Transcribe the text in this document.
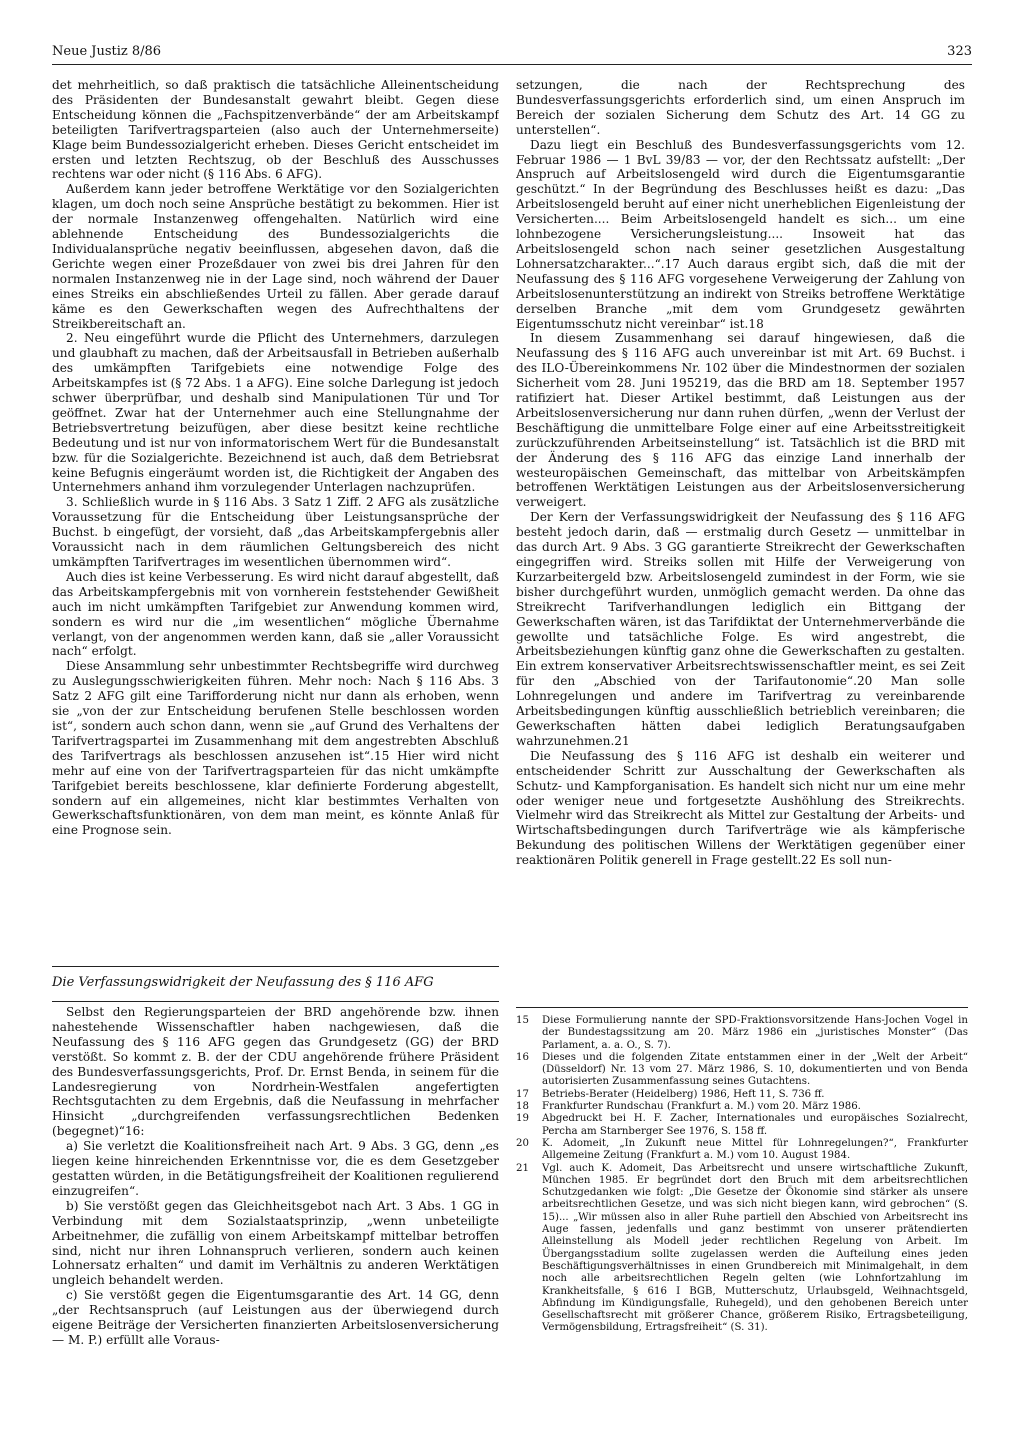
Neue Justiz 8/86	323

det mehrheitlich, so daß praktisch die tatsächliche Alleinentscheidung des Präsidenten der Bundesanstalt gewahrt bleibt. Gegen diese Entscheidung können die „Fachspitzenverbände“ der am Arbeitskampf beteiligten Tarifvertragsparteien (also auch der Unternehmerseite) Klage beim Bundessozialgericht erheben. Dieses Gericht entscheidet im ersten und letzten Rechtszug, ob der Beschluß des Ausschusses rechtens war oder nicht (§ 116 Abs. 6 AFG).

Außerdem kann jeder betroffene Werktätige vor den Sozialgerichten klagen, um doch noch seine Ansprüche bestätigt zu bekommen. Hier ist der normale Instanzenweg offengehalten. Natürlich wird eine ablehnende Entscheidung des Bundessozialgerichts die Individualansprüche negativ beeinflussen, abgesehen davon, daß die Gerichte wegen einer Prozeßdauer von zwei bis drei Jahren für den normalen Instanzenweg nie in der Lage sind, noch während der Dauer eines Streiks ein abschließendes Urteil zu fällen. Aber gerade darauf käme es den Gewerkschaften wegen des Aufrechthaltens der Streikbereitschaft an.

2. Neu eingeführt wurde die Pflicht des Unternehmers, darzulegen und glaubhaft zu machen, daß der Arbeitsausfall in Betrieben außerhalb des umkämpften Tarifgebiets eine notwendige Folge des Arbeitskampfes ist (§ 72 Abs. 1 a AFG). Eine solche Darlegung ist jedoch schwer überprüfbar, und deshalb sind Manipulationen Tür und Tor geöffnet. Zwar hat der Unternehmer auch eine Stellungnahme der Betriebsvertretung beizufügen, aber diese besitzt keine rechtliche Bedeutung und ist nur von informatorischem Wert für die Bundesanstalt bzw. für die Sozialgerichte. Bezeichnend ist auch, daß dem Betriebsrat keine Befugnis eingeräumt worden ist, die Richtigkeit der Angaben des Unternehmers anhand ihm vorzulegender Unterlagen nachzuprüfen.

3. Schließlich wurde in § 116 Abs. 3 Satz 1 Ziff. 2 AFG als zusätzliche Voraussetzung für die Entscheidung über Leistungsansprüche der Buchst. b eingefügt, der vorsieht, daß „das Arbeitskampfergebnis aller Voraussicht nach in dem räumlichen Geltungsbereich des nicht umkämpften Tarifvertrages im wesentlichen übernommen wird“.

Auch dies ist keine Verbesserung. Es wird nicht darauf abgestellt, daß das Arbeitskampfergebnis mit von vornherein feststehender Gewißheit auch im nicht umkämpften Tarifgebiet zur Anwendung kommen wird, sondern es wird nur die „im wesentlichen“ mögliche Übernahme verlangt, von der angenommen werden kann, daß sie „aller Voraussicht nach“ erfolgt.

Diese Ansammlung sehr unbestimmter Rechtsbegriffe wird durchweg zu Auslegungsschwierigkeiten führen. Mehr noch: Nach § 116 Abs. 3 Satz 2 AFG gilt eine Tarifforderung nicht nur dann als erhoben, wenn sie „von der zur Entscheidung berufenen Stelle beschlossen worden ist“, sondern auch schon dann, wenn sie „auf Grund des Verhaltens der Tarifvertragspartei im Zusammenhang mit dem angestrebten Abschluß des Tarifvertrags als beschlossen anzusehen ist“.15 Hier wird nicht mehr auf eine von der Tarifvertragsparteien für das nicht umkämpfte Tarifgebiet bereits beschlossene, klar definierte Forderung abgestellt, sondern auf ein allgemeines, nicht klar bestimmtes Verhalten von Gewerkschaftsfunktionären, von dem man meint, es könnte Anlaß für eine Prognose sein.

Die Verfassungswidrigkeit der Neufassung des § 116 AFG

Selbst den Regierungsparteien der BRD angehörende bzw. ihnen nahestehende Wissenschaftler haben nachgewiesen, daß die Neufassung des § 116 AFG gegen das Grundgesetz (GG) der BRD verstößt. So kommt z. B. der der CDU angehörende frühere Präsident des Bundesverfassungsgerichts, Prof. Dr. Ernst Benda, in seinem für die Landesregierung von Nordrhein-Westfalen angefertigten Rechtsgutachten zu dem Ergebnis, daß die Neufassung in mehrfacher Hinsicht „durchgreifenden verfassungsrechtlichen Bedenken (begegnet)“16:

a) Sie verletzt die Koalitionsfreiheit nach Art. 9 Abs. 3 GG, denn „es liegen keine hinreichenden Erkenntnisse vor, die es dem Gesetzgeber gestatten würden, in die Betätigungsfreiheit der Koalitionen regulierend einzugreifen“.

b) Sie verstößt gegen das Gleichheitsgebot nach Art. 3 Abs. 1 GG in Verbindung mit dem Sozialstaatsprinzip, „wenn unbeteiligte Arbeitnehmer, die zufällig von einem Arbeitskampf mittelbar betroffen sind, nicht nur ihren Lohnanspruch verlieren, sondern auch keinen Lohnersatz erhalten“ und damit im Verhältnis zu anderen Werktätigen ungleich behandelt werden.

c) Sie verstößt gegen die Eigentumsgarantie des Art. 14 GG, denn „der Rechtsanspruch (auf Leistungen aus der überwiegend durch eigene Beiträge der Versicherten finanzierten Arbeitslosenversicherung — M. P.) erfüllt alle Voraus-

setzungen, die nach der Rechtsprechung des Bundesverfassungsgerichts erforderlich sind, um einen Anspruch im Bereich der sozialen Sicherung dem Schutz des Art. 14 GG zu unterstellen“.

Dazu liegt ein Beschluß des Bundesverfassungsgerichts vom 12. Februar 1986 — 1 BvL 39/83 — vor, der den Rechtssatz aufstellt: „Der Anspruch auf Arbeitslosengeld wird durch die Eigentumsgarantie geschützt.“ In der Begründung des Beschlusses heißt es dazu: „Das Arbeitslosengeld beruht auf einer nicht unerheblichen Eigenleistung der Versicherten.... Beim Arbeitslosengeld handelt es sich... um eine lohnbezogene Versicherungsleistung.... Insoweit hat das Arbeitslosengeld schon nach seiner gesetzlichen Ausgestaltung Lohnersatzcharakter...“.17 Auch daraus ergibt sich, daß die mit der Neufassung des § 116 AFG vorgesehene Verweigerung der Zahlung von Arbeitslosenunterstützung an indirekt von Streiks betroffene Werktätige derselben Branche „mit dem vom Grundgesetz gewährten Eigentumsschutz nicht vereinbar“ ist.18

In diesem Zusammenhang sei darauf hingewiesen, daß die Neufassung des § 116 AFG auch unvereinbar ist mit Art. 69 Buchst. i des ILO-Übereinkommens Nr. 102 über die Mindestnormen der sozialen Sicherheit vom 28. Juni 195219, das die BRD am 18. September 1957 ratifiziert hat. Dieser Artikel bestimmt, daß Leistungen aus der Arbeitslosenversicherung nur dann ruhen dürfen, „wenn der Verlust der Beschäftigung die unmittelbare Folge einer auf eine Arbeitsstreitigkeit zurückzuführenden Arbeitseinstellung“ ist. Tatsächlich ist die BRD mit der Änderung des § 116 AFG das einzige Land innerhalb der westeuropäischen Gemeinschaft, das mittelbar von Arbeitskämpfen betroffenen Werktätigen Leistungen aus der Arbeitslosenversicherung verweigert.

Der Kern der Verfassungswidrigkeit der Neufassung des § 116 AFG besteht jedoch darin, daß — erstmalig durch Gesetz — unmittelbar in das durch Art. 9 Abs. 3 GG garantierte Streikrecht der Gewerkschaften eingegriffen wird. Streiks sollen mit Hilfe der Verweigerung von Kurzarbeitergeld bzw. Arbeitslosengeld zumindest in der Form, wie sie bisher durchgeführt wurden, unmöglich gemacht werden. Da ohne das Streikrecht Tarifverhandlungen lediglich ein Bittgang der Gewerkschaften wären, ist das Tarifdiktat der Unternehmerverbände die gewollte und tatsächliche Folge. Es wird angestrebt, die Arbeitsbeziehungen künftig ganz ohne die Gewerkschaften zu gestalten. Ein extrem konservativer Arbeitsrechtswissenschaftler meint, es sei Zeit für den „Abschied von der Tarifautonomie“.20 Man solle Lohnregelungen und andere im Tarifvertrag zu vereinbarende Arbeitsbedingungen künftig ausschließlich betrieblich vereinbaren; die Gewerkschaften hätten dabei lediglich Beratungsaufgaben wahrzunehmen.21

Die Neufassung des § 116 AFG ist deshalb ein weiterer und entscheidender Schritt zur Ausschaltung der Gewerkschaften als Schutz- und Kampforganisation. Es handelt sich nicht nur um eine mehr oder weniger neue und fortgesetzte Aushöhlung des Streikrechts. Vielmehr wird das Streikrecht als Mittel zur Gestaltung der Arbeits- und Wirtschaftsbedingungen durch Tarifverträge wie als kämpferische Bekundung des politischen Willens der Werktätigen gegenüber einer reaktionären Politik generell in Frage gestellt.22 Es soll nun-

15	Diese Formulierung nannte der SPD-Fraktionsvorsitzende Hans-Jochen Vogel in der Bundestagssitzung am 20. März 1986 ein „juristisches Monster“ (Das Parlament, a. a. O., S. 7).
16	Dieses und die folgenden Zitate entstammen einer in der „Welt der Arbeit“ (Düsseldorf) Nr. 13 vom 27. März 1986, S. 10, dokumentierten und von Benda autorisierten Zusammenfassung seines Gutachtens.
17	Betriebs-Berater (Heidelberg) 1986, Heft 11, S. 736 ff.
18	Frankfurter Rundschau (Frankfurt a. M.) vom 20. März 1986.
19	Abgedruckt bei H. F. Zacher, Internationales und europäisches Sozialrecht, Percha am Starnberger See 1976, S. 158 ff.
20	K. Adomeit, „In Zukunft neue Mittel für Lohnregelungen?“, Frankfurter Allgemeine Zeitung (Frankfurt a. M.) vom 10. August 1984.
21	Vgl. auch K. Adomeit, Das Arbeitsrecht und unsere wirtschaftliche Zukunft, München 1985. Er begründet dort den Bruch mit dem arbeitsrechtlichen Schutzgedanken wie folgt: „Die Gesetze der Ökonomie sind stärker als unsere arbeitsrechtlichen Gesetze, und was sich nicht biegen kann, wird gebrochen“ (S. 15)... „Wir müssen also in aller Ruhe partiell den Abschied von Arbeitsrecht ins Auge fassen, jedenfalls und ganz bestimmt von unserer prätendierten Alleinstellung als Modell jeder rechtlichen Regelung von Arbeit. Im Übergangsstadium sollte zugelassen werden die Aufteilung eines jeden Beschäftigungsverhältnisses in einen Grundbereich mit Minimalgehalt, in dem noch alle arbeitsrechtlichen Regeln gelten (wie Lohnfortzahlung im Krankheitsfalle, § 616 I BGB, Mutterschutz, Urlaubsgeld, Weihnachtsgeld, Abfindung im Kündigungsfalle, Ruhegeld), und den gehobenen Bereich unter Gesellschaftsrecht mit größerer Chance, größerem Risiko, Ertragsbeteiligung, Vermögensbildung, Ertragsfreiheit“ (S. 31).
